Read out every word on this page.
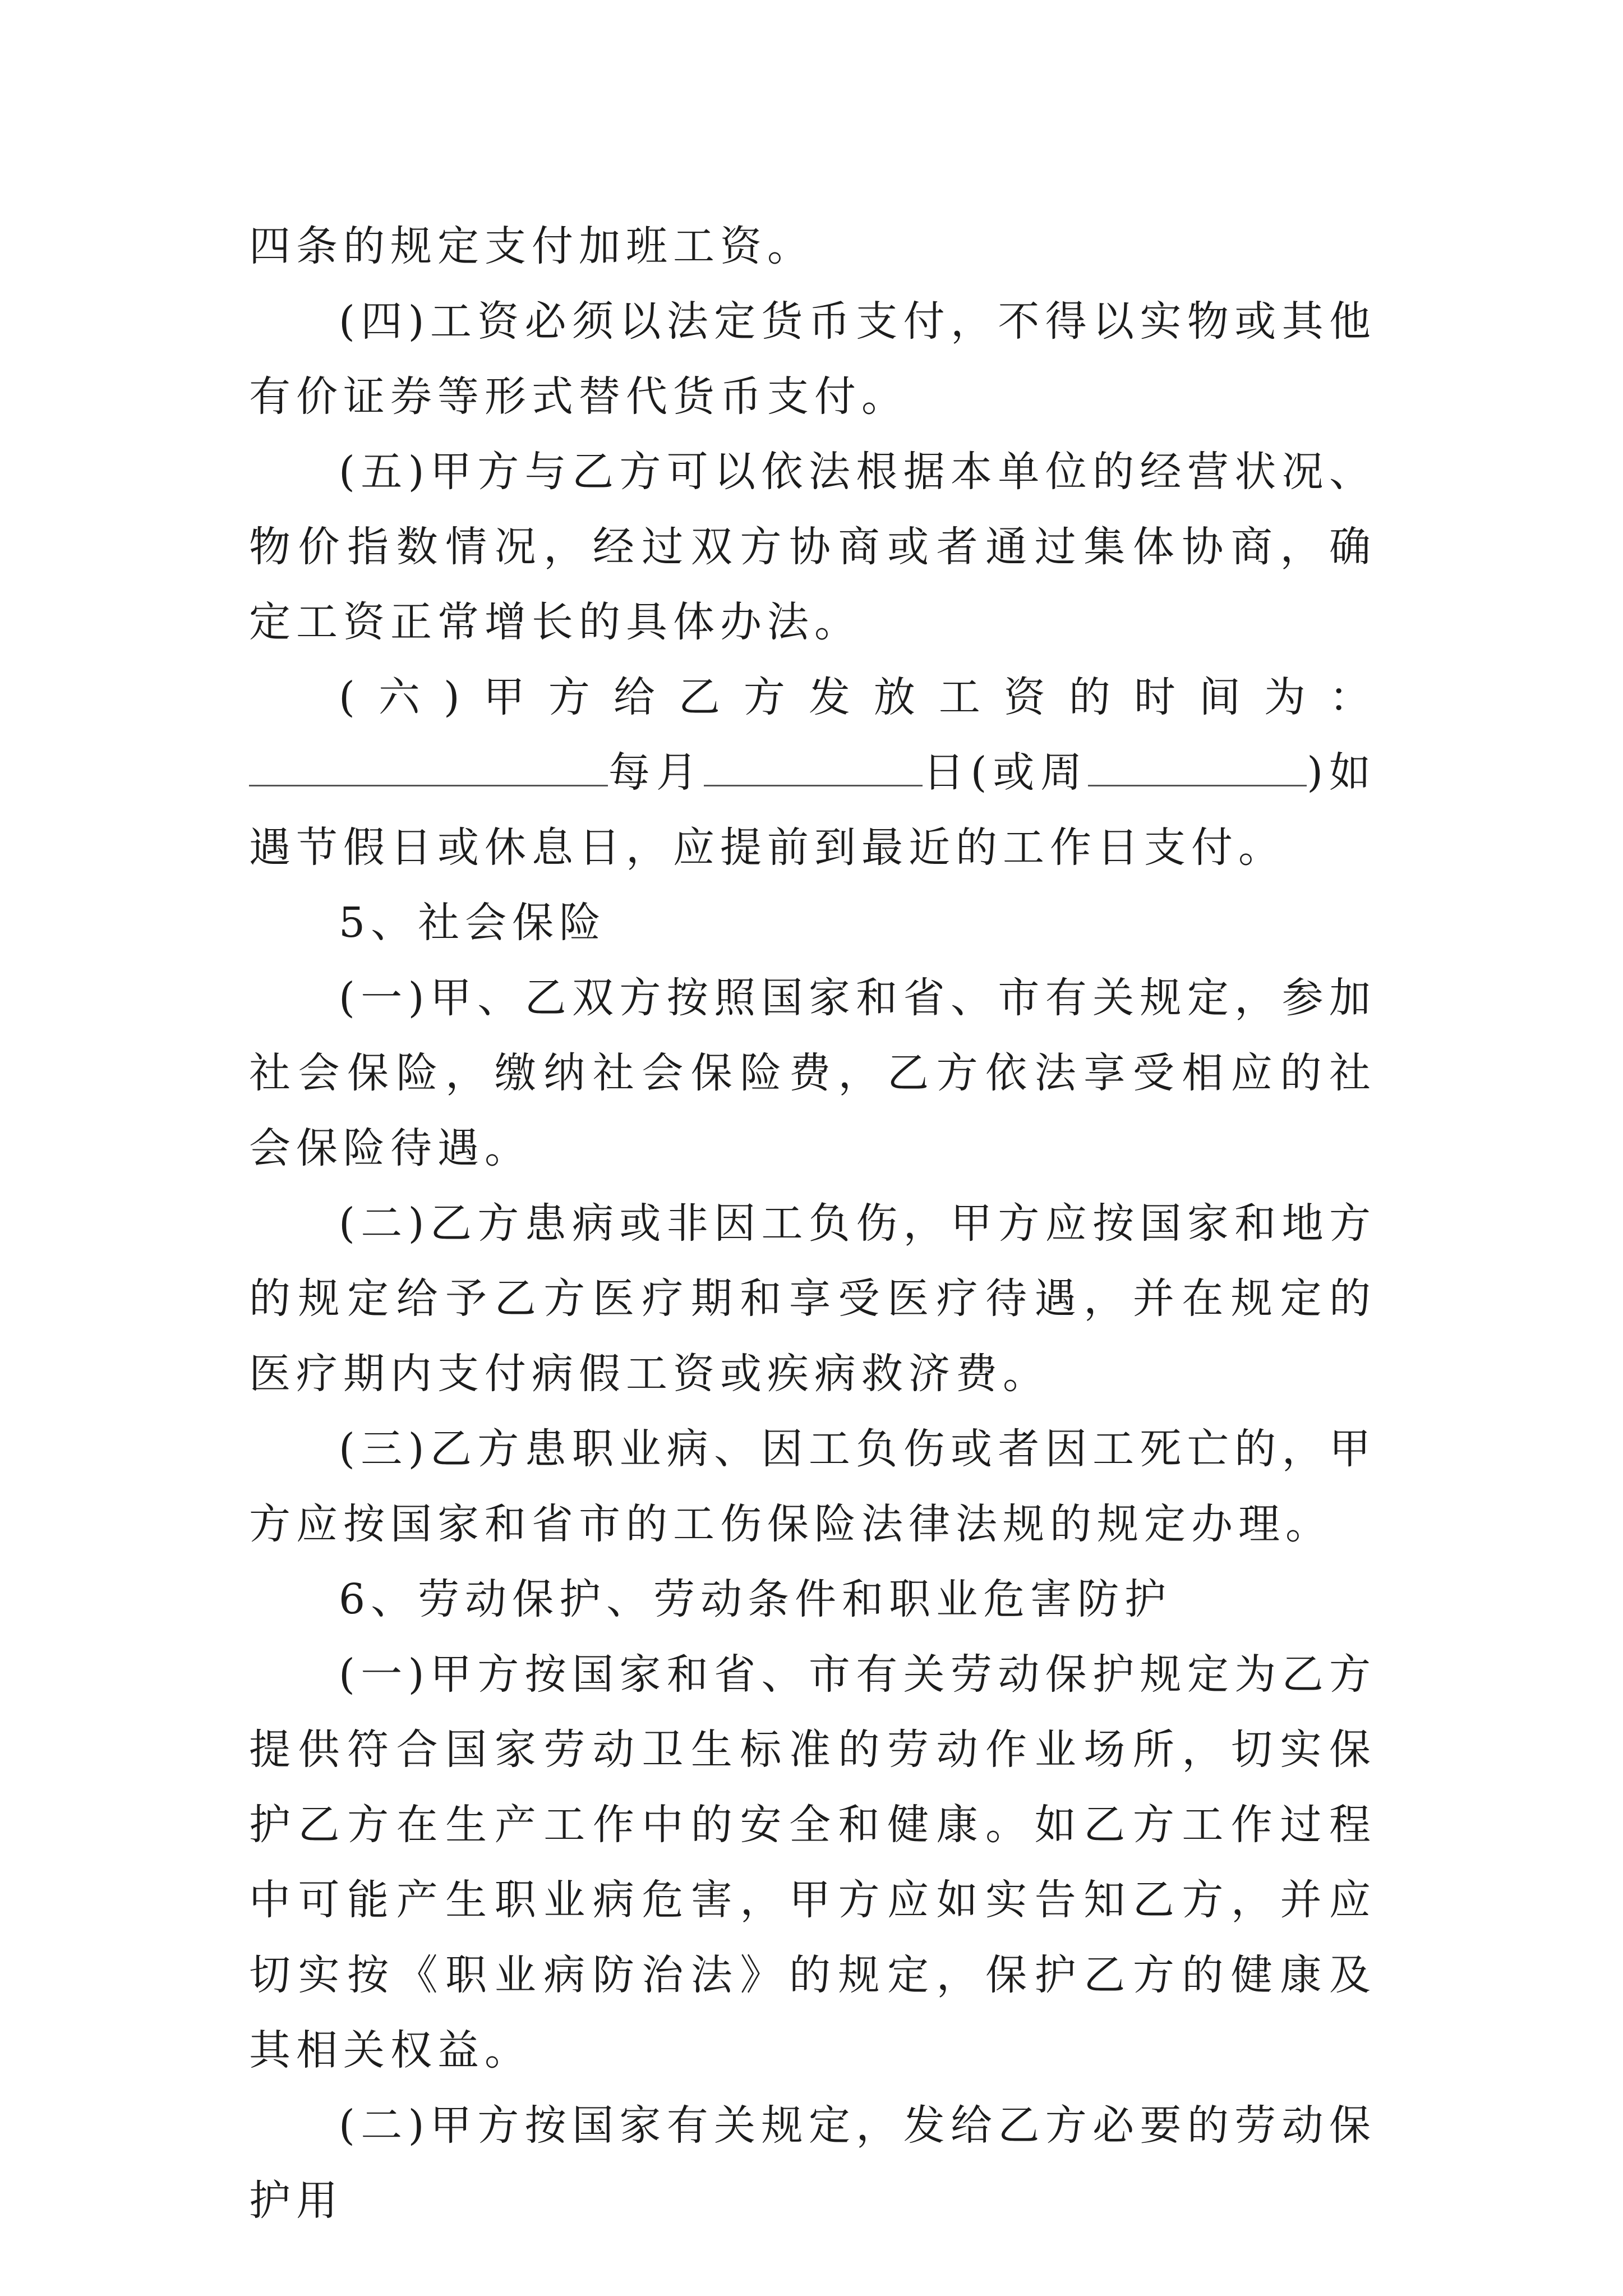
四条的规定支付加班工资。

(四)工资必须以法定货币支付，不得以实物或其他有价证券等形式替代货币支付。

(五)甲方与乙方可以依法根据本单位的经营状况、物价指数情况，经过双方协商或者通过集体协商，确定工资正常增长的具体办法。

(六)甲方给乙方发放工资的时间为：每月	日(或周	)如遇节假日或休息日，应提前到最近的工作日支付。

5、社会保险

(一)甲、乙双方按照国家和省、市有关规定，参加社会保险，缴纳社会保险费，乙方依法享受相应的社会保险待遇。

(二)乙方患病或非因工负伤，甲方应按国家和地方的规定给予乙方医疗期和享受医疗待遇，并在规定的医疗期内支付病假工资或疾病救济费。

(三)乙方患职业病、因工负伤或者因工死亡的，甲方应按国家和省市的工伤保险法律法规的规定办理。

6、劳动保护、劳动条件和职业危害防护

(一)甲方按国家和省、市有关劳动保护规定为乙方提供符合国家劳动卫生标准的劳动作业场所，切实保护乙方在生产工作中的安全和健康。如乙方工作过程中可能产生职业病危害，甲方应如实告知乙方，并应切实按《职业病防治法》的规定，保护乙方的健康及其相关权益。

(二)甲方按国家有关规定，发给乙方必要的劳动保护用
